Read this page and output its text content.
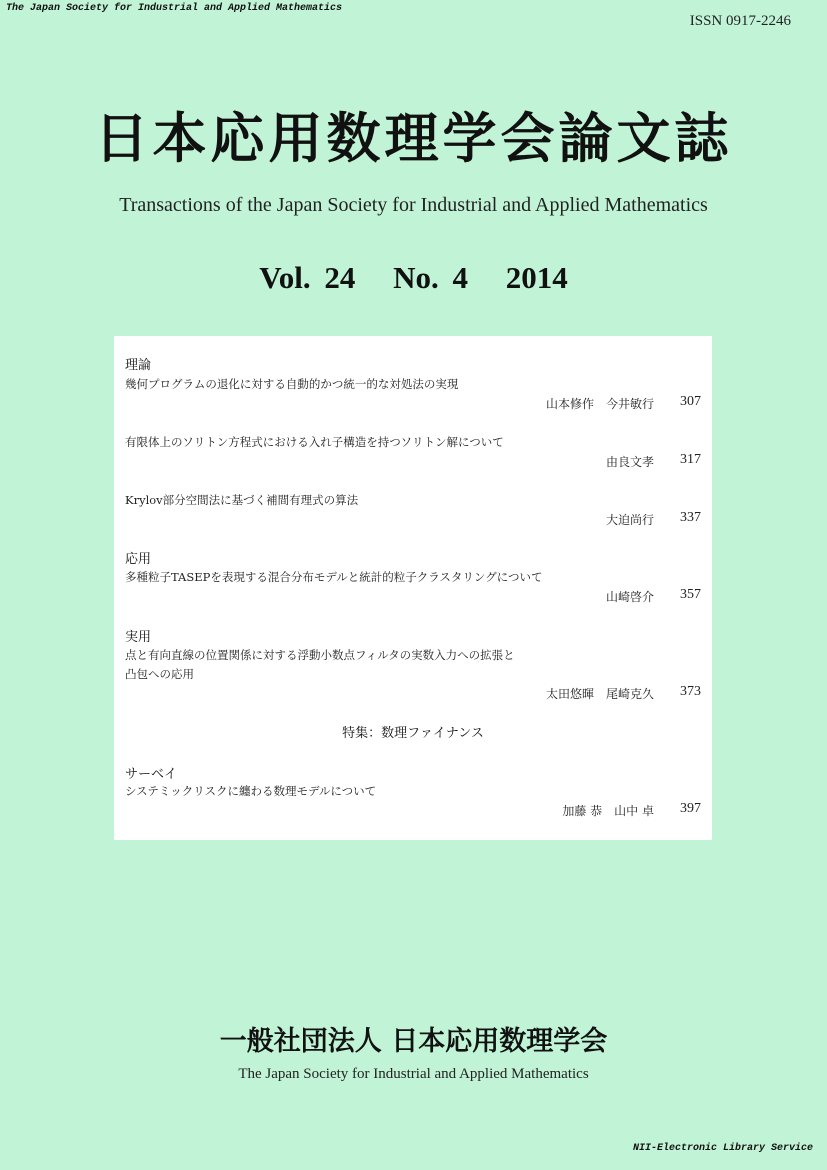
The Japan Society for Industrial and Applied Mathematics
ISSN 0917-2246
日本応用数理学会論文誌
Transactions of the Japan Society for Industrial and Applied Mathematics
Vol. 24 No. 4 2014
理論
幾何プログラムの退化に対する自動的かつ統一的な対処法の実現
山本修作　今井敏行 307
有限体上のソリトン方程式における入れ子構造を持つソリトン解について
由良文孝 317
Krylov部分空間法に基づく補間有理式の算法
大迫尚行 337
応用
多種粒子TASEPを表現する混合分布モデルと統計的粒子クラスタリングについて
山崎啓介 357
実用
点と有向直線の位置関係に対する浮動小数点フィルタの実数入力への拡張と
凸包への応用
太田悠暉　尾崎克久 373
特集：数理ファイナンス
サーベイ
システミックリスクに纏わる数理モデルについて
加藤 恭　山中 卓 397
一般社団法人 日本応用数理学会
The Japan Society for Industrial and Applied Mathematics
NII-Electronic Library Service
